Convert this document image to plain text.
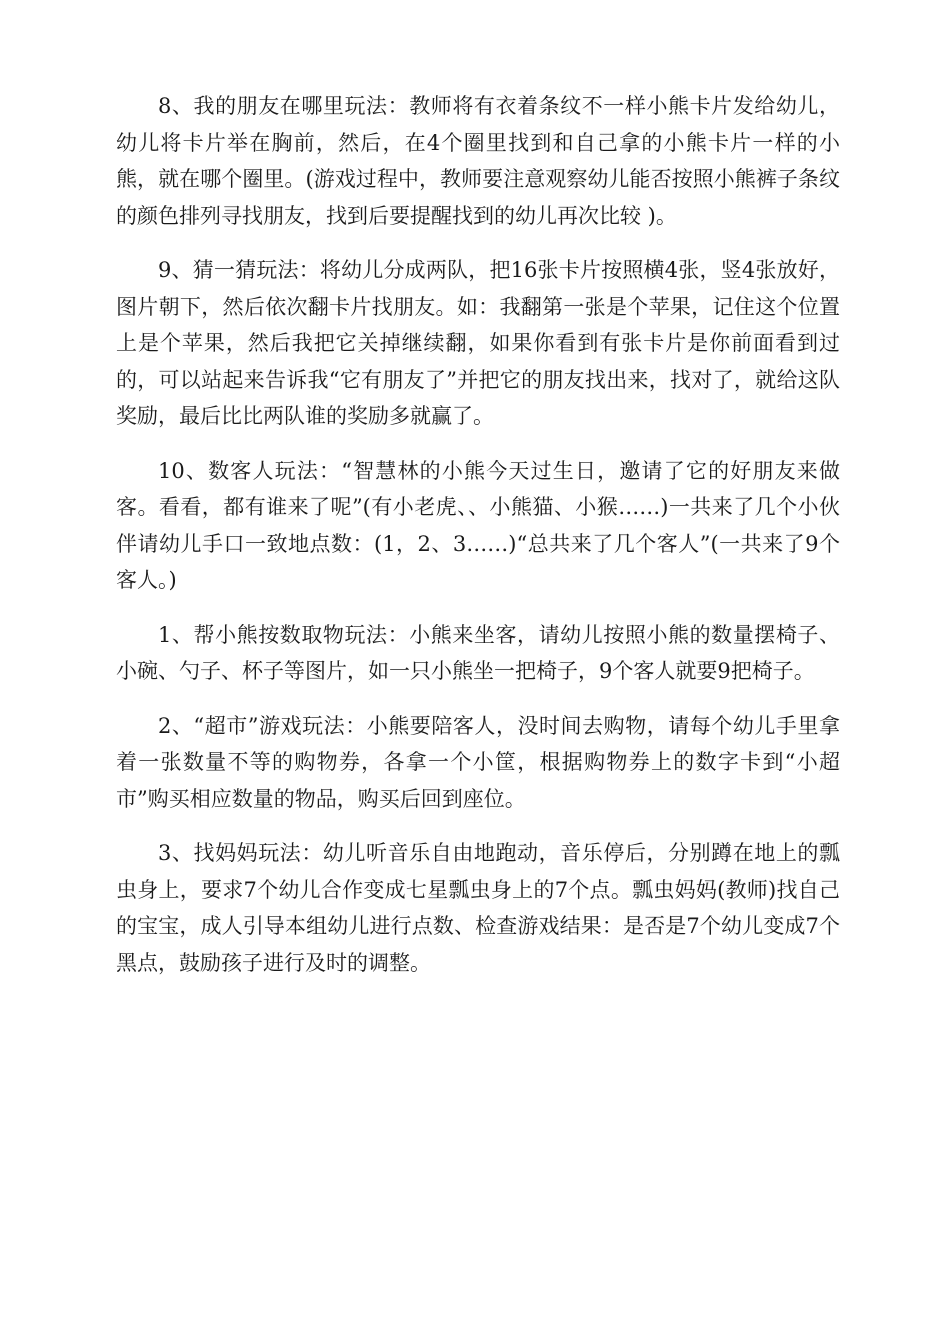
8、我的朋友在哪里玩法：教师将有衣着条纹不一样小熊卡片发给幼儿，幼儿将卡片举在胸前，然后，在4个圈里找到和自己拿的小熊卡片一样的小熊，就在哪个圈里。(游戏过程中，教师要注意观察幼儿能否按照小熊裤子条纹的颜色排列寻找朋友，找到后要提醒找到的幼儿再次比较 )。

9、猜一猜玩法：将幼儿分成两队，把16张卡片按照横4张，竖4张放好，图片朝下，然后依次翻卡片找朋友。如：我翻第一张是个苹果，记住这个位置上是个苹果，然后我把它关掉继续翻，如果你看到有张卡片是你前面看到过的，可以站起来告诉我“它有朋友了”并把它的朋友找出来，找对了，就给这队奖励，最后比比两队谁的奖励多就赢了。

10、数客人玩法：“智慧林的小熊今天过生日，邀请了它的好朋友来做客。看看，都有谁来了呢”(有小老虎、、小熊猫、小猴……)一共来了几个小伙伴请幼儿手口一致地点数：(1，2、3……)“总共来了几个客人”(一共来了9个客人。)

1、帮小熊按数取物玩法：小熊来坐客，请幼儿按照小熊的数量摆椅子、小碗、勺子、杯子等图片，如一只小熊坐一把椅子，9个客人就要9把椅子。

2、“超市”游戏玩法：小熊要陪客人，没时间去购物，请每个幼儿手里拿着一张数量不等的购物券，各拿一个小筐，根据购物券上的数字卡到“小超市”购买相应数量的物品，购买后回到座位。

3、找妈妈玩法：幼儿听音乐自由地跑动，音乐停后，分别蹲在地上的瓢虫身上，要求7个幼儿合作变成七星瓢虫身上的7个点。瓢虫妈妈(教师)找自己的宝宝，成人引导本组幼儿进行点数、检查游戏结果：是否是7个幼儿变成7个黑点，鼓励孩子进行及时的调整。
